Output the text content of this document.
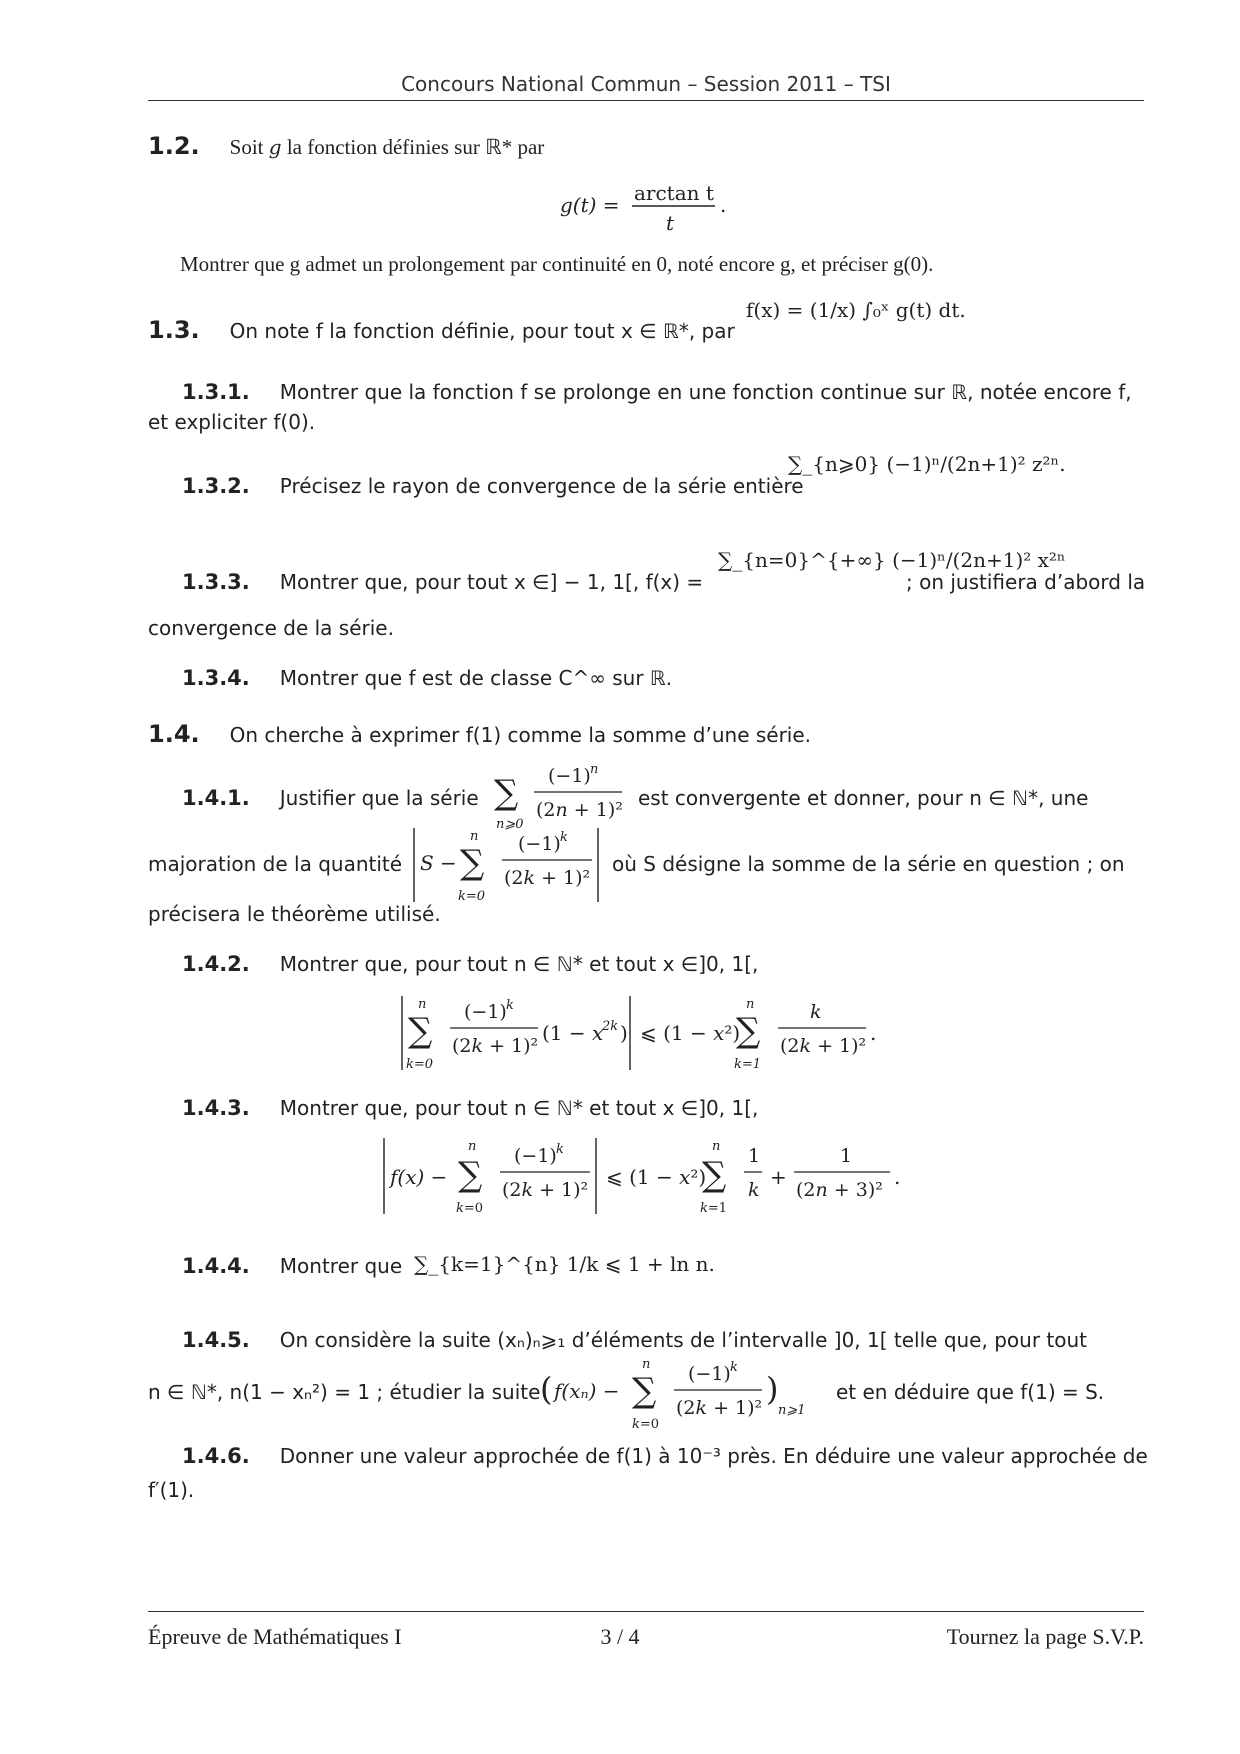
Concours National Commun – Session 2011 – TSI
1.2. Soit g la fonction définies sur ℝ* par
g(t) = arctan t
t
.
Montrer que g admet un prolongement par continuité en 0, noté encore g, et préciser g(0).
1.3. On note f la fonction définie, pour tout x ∈ ℝ*, par
f(x) = (1/x) ∫₀ˣ g(t) dt.
1.3.1. Montrer que la fonction f se prolonge en une fonction continue sur ℝ, notée encore f,
et expliciter f(0).
1.3.2. Précisez le rayon de convergence de la série entière
∑_{n⩾0} (−1)ⁿ/(2n+1)² z²ⁿ.
1.3.3. Montrer que, pour tout x ∈] − 1, 1[, f(x) =
∑_{n=0}^{+∞} (−1)ⁿ/(2n+1)² x²ⁿ
; on justifiera d’abord la
convergence de la série.
1.3.4. Montrer que f est de classe C^∞ sur ℝ.
1.4. On cherche à exprimer f(1) comme la somme d’une série.
1.4.1. Justifier que la série ∑
n⩾0
(−1) n
(2n + 1)² est convergente et donner, pour n ∈ ℕ*, une
majoration de la quantité S − ∑
n
k=0
(−1) k
(2k + 1)²
où S désigne la somme de la série en question ; on
précisera le théorème utilisé.
1.4.2. Montrer que, pour tout n ∈ ℕ* et tout x ∈]0, 1[,
∑
n
k=0
(−1) k
(2k + 1)²
(1 − x
2k ) ⩽ (1 − x²)
∑
n
k=1
k
(2k + 1)²
.
1.4.3. Montrer que, pour tout n ∈ ℕ* et tout x ∈]0, 1[,
f(x) − ∑
n
k=0
(−1) k
(2k + 1)²
⩽ (1 − x²)
∑
n
k=1
1
k
+
1
(2n + 3)²
.
1.4.4. Montrer que ∑_{k=1}^{n} 1/k ⩽ 1 + ln n.
1.4.5. On considère la suite (xₙ)ₙ⩾₁ d’éléments de l’intervalle ]0, 1[ telle que, pour tout
n ∈ ℕ*, n(1 − xₙ²) = 1 ; étudier la suite ( f(xₙ) − ∑
n
k=0
(−1) k
(2k + 1)² )
n⩾1
et en déduire que f(1) = S.
1.4.6. Donner une valeur approchée de f(1) à 10⁻³ près. En déduire une valeur approchée de
f′(1).
Épreuve de Mathématiques I	3 / 4	Tournez la page S.V.P.
